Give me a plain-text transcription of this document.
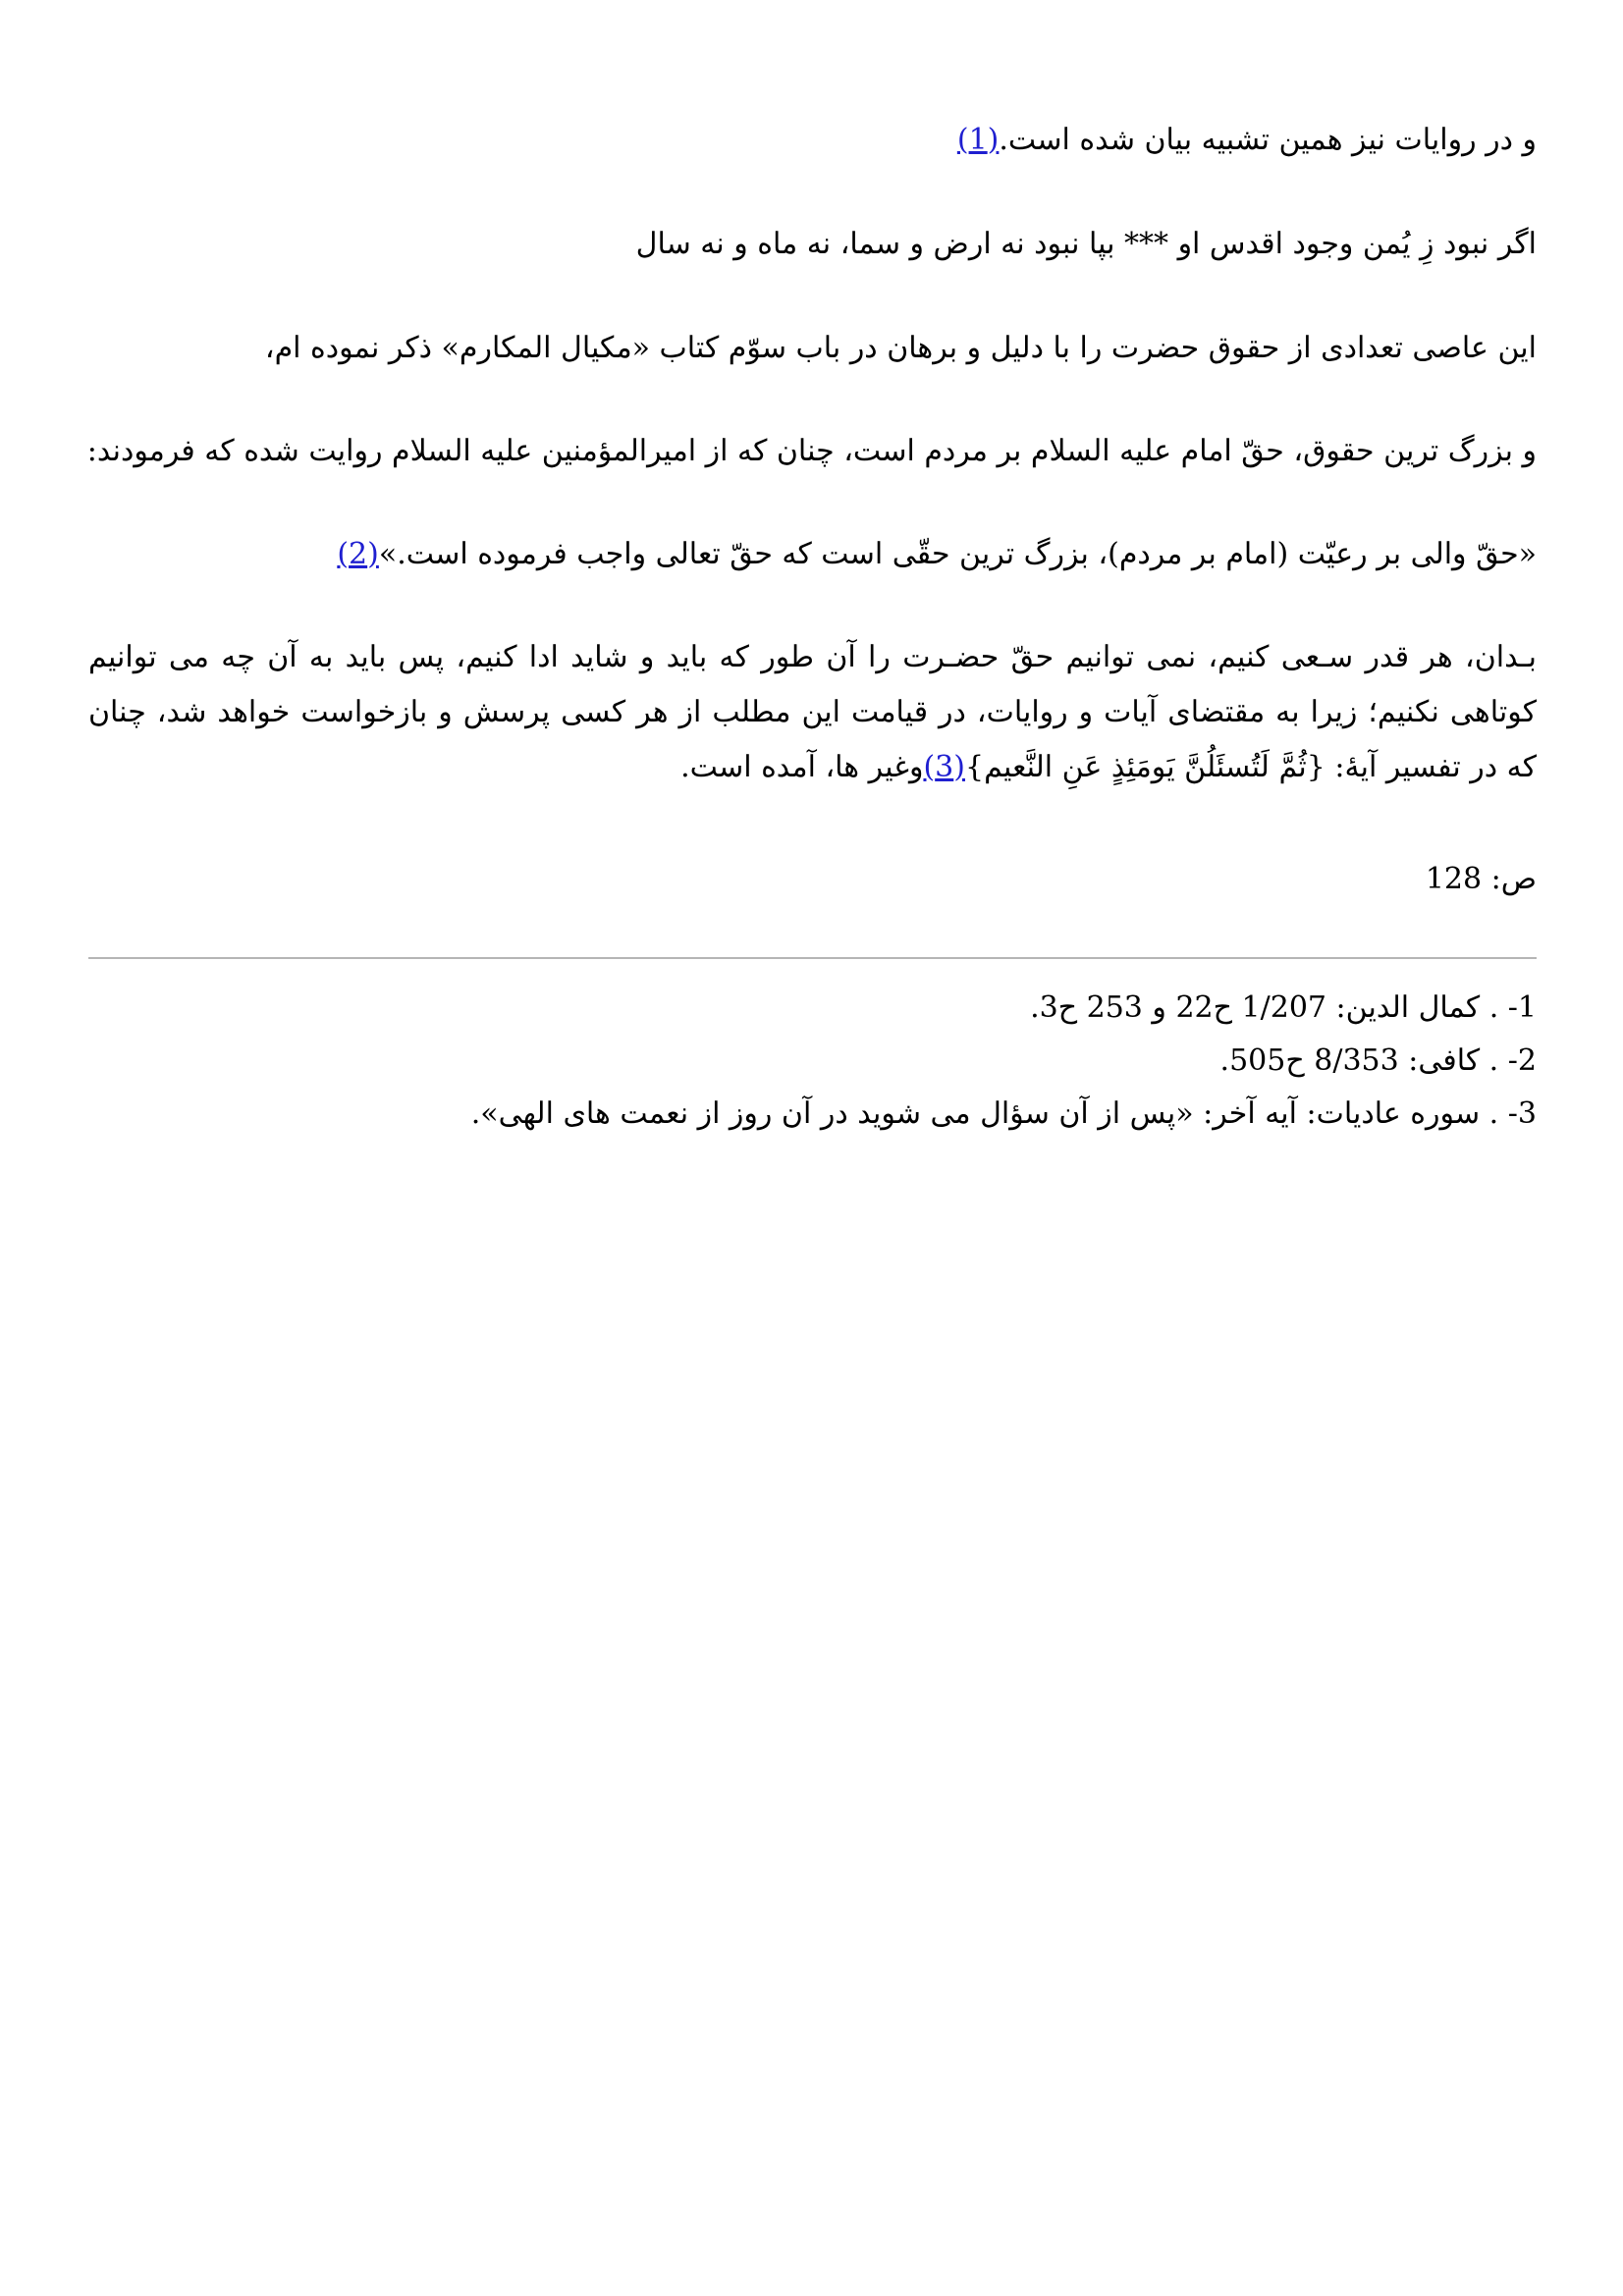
و در روایات نیز همین تشبیه بیان شده است.(1)
اگر نبود زِ یُمن وجود اقدس او *** بپا نبود نه ارض و سما، نه ماه و نه سال
این عاصی تعدادی از حقوق حضرت را با دلیل و برهان در باب سوّم کتاب «مکیال المکارم» ذکر نموده ام،
و بزرگ ترین حقوق، حقّ امام علیه السلام بر مردم است، چنان که از امیرالمؤمنین علیه السلام روایت شده که فرمودند:
«حقّ والی بر رعیّت (امام بر مردم)، بزرگ ترین حقّی است که حقّ تعالی واجب فرموده است.»(2)
بـدان، هر قدر سـعی کنیم، نمی توانیم حقّ حضـرت را آن طور که باید و شاید ادا کنیم، پس باید به آن چه می توانیم کوتاهی نکنیم؛ زیرا به مقتضای آیات و روایات، در قیامت این مطلب از هر کسی پرسش و بازخواست خواهد شد، چنان که در تفسیر آیهٔ: {ثُمَّ لَتُسئَلُنَّ یَومَئِذٍ عَنِ النَّعیم}(3)وغیر ها، آمده است.
ص: 128
1- . کمال الدین: 1/207 ح22 و 253 ح3.
2- . کافی: 8/353 ح505.
3- . سوره عادیات: آیه آخر: «پس از آن سؤال می شوید در آن روز از نعمت های الهی».
